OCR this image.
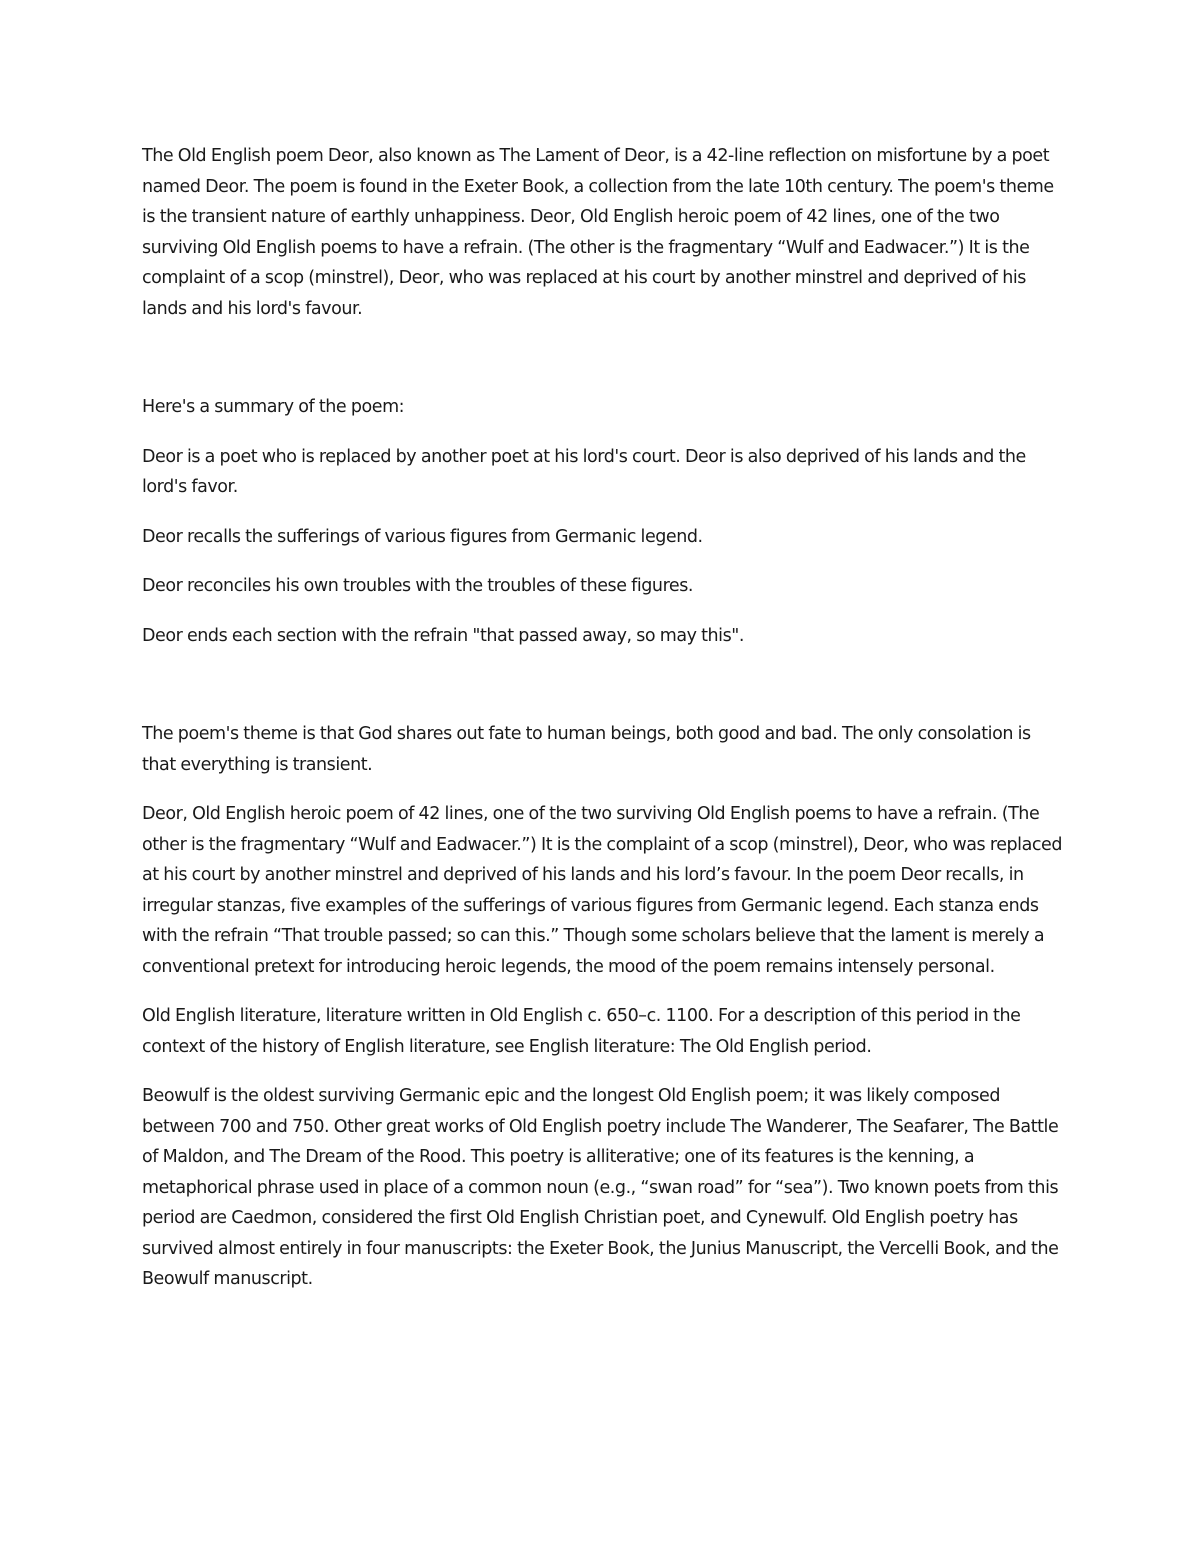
The Old English poem Deor, also known as The Lament of Deor, is a 42-line reflection on misfortune by a poet named Deor. The poem is found in the Exeter Book, a collection from the late 10th century. The poem's theme is the transient nature of earthly unhappiness. Deor, Old English heroic poem of 42 lines, one of the two surviving Old English poems to have a refrain. (The other is the fragmentary “Wulf and Eadwacer.”) It is the complaint of a scop (minstrel), Deor, who was replaced at his court by another minstrel and deprived of his lands and his lord's favour.

Here's a summary of the poem:

Deor is a poet who is replaced by another poet at his lord's court. Deor is also deprived of his lands and the lord's favor.

Deor recalls the sufferings of various figures from Germanic legend.

Deor reconciles his own troubles with the troubles of these figures.

Deor ends each section with the refrain "that passed away, so may this".

The poem's theme is that God shares out fate to human beings, both good and bad. The only consolation is that everything is transient.

Deor, Old English heroic poem of 42 lines, one of the two surviving Old English poems to have a refrain. (The other is the fragmentary “Wulf and Eadwacer.”) It is the complaint of a scop (minstrel), Deor, who was replaced at his court by another minstrel and deprived of his lands and his lord’s favour. In the poem Deor recalls, in irregular stanzas, five examples of the sufferings of various figures from Germanic legend. Each stanza ends with the refrain “That trouble passed; so can this.” Though some scholars believe that the lament is merely a conventional pretext for introducing heroic legends, the mood of the poem remains intensely personal.

Old English literature, literature written in Old English c. 650–c. 1100. For a description of this period in the context of the history of English literature, see English literature: The Old English period.

Beowulf is the oldest surviving Germanic epic and the longest Old English poem; it was likely composed between 700 and 750. Other great works of Old English poetry include The Wanderer, The Seafarer, The Battle of Maldon, and The Dream of the Rood. This poetry is alliterative; one of its features is the kenning, a metaphorical phrase used in place of a common noun (e.g., “swan road” for “sea”). Two known poets from this period are Caedmon, considered the first Old English Christian poet, and Cynewulf. Old English poetry has survived almost entirely in four manuscripts: the Exeter Book, the Junius Manuscript, the Vercelli Book, and the Beowulf manuscript.
